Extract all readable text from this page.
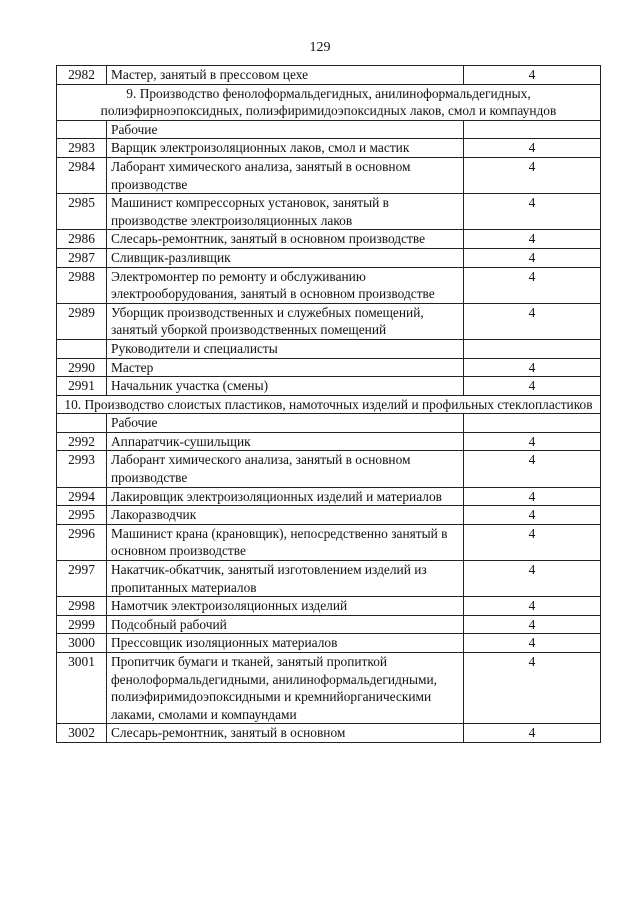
129
2982	Мастер, занятый в прессовом цехе	4
9. Производство фенолоформальдегидных, анилиноформальдегидных, полиэфирноэпоксидных, полиэфиримидоэпоксидных лаков, смол и компаундов		
	Рабочие	
2983	Варщик электроизоляционных лаков, смол и мастик	4
2984	Лаборант химического анализа, занятый в основном производстве	4
2985	Машинист компрессорных установок, занятый в производстве электроизоляционных лаков	4
2986	Слесарь-ремонтник, занятый в основном производстве	4
2987	Сливщик-разливщик	4
2988	Электромонтер по ремонту и обслуживанию электрооборудования, занятый в основном производстве	4
2989	Уборщик производственных и служебных помещений, занятый уборкой производственных помещений	4
	Руководители и специалисты	
2990	Мастер	4
2991	Начальник участка (смены)	4
10. Производство слоистых пластиков, намоточных изделий и профильных стеклопластиков		
	Рабочие	
2992	Аппаратчик-сушильщик	4
2993	Лаборант химического анализа, занятый в основном производстве	4
2994	Лакировщик электроизоляционных изделий и материалов	4
2995	Лакоразводчик	4
2996	Машинист крана (крановщик), непосредственно занятый в основном производстве	4
2997	Накатчик-обкатчик, занятый изготовлением изделий из пропитанных материалов	4
2998	Намотчик электроизоляционных изделий	4
2999	Подсобный рабочий	4
3000	Прессовщик изоляционных материалов	4
3001	Пропитчик бумаги и тканей, занятый пропиткой фенолоформальдегидными, анилиноформальдегидными, полиэфиримидоэпоксидными и кремнийорганическими лаками, смолами и компаундами	4
3002	Слесарь-ремонтник, занятый в основном	4
